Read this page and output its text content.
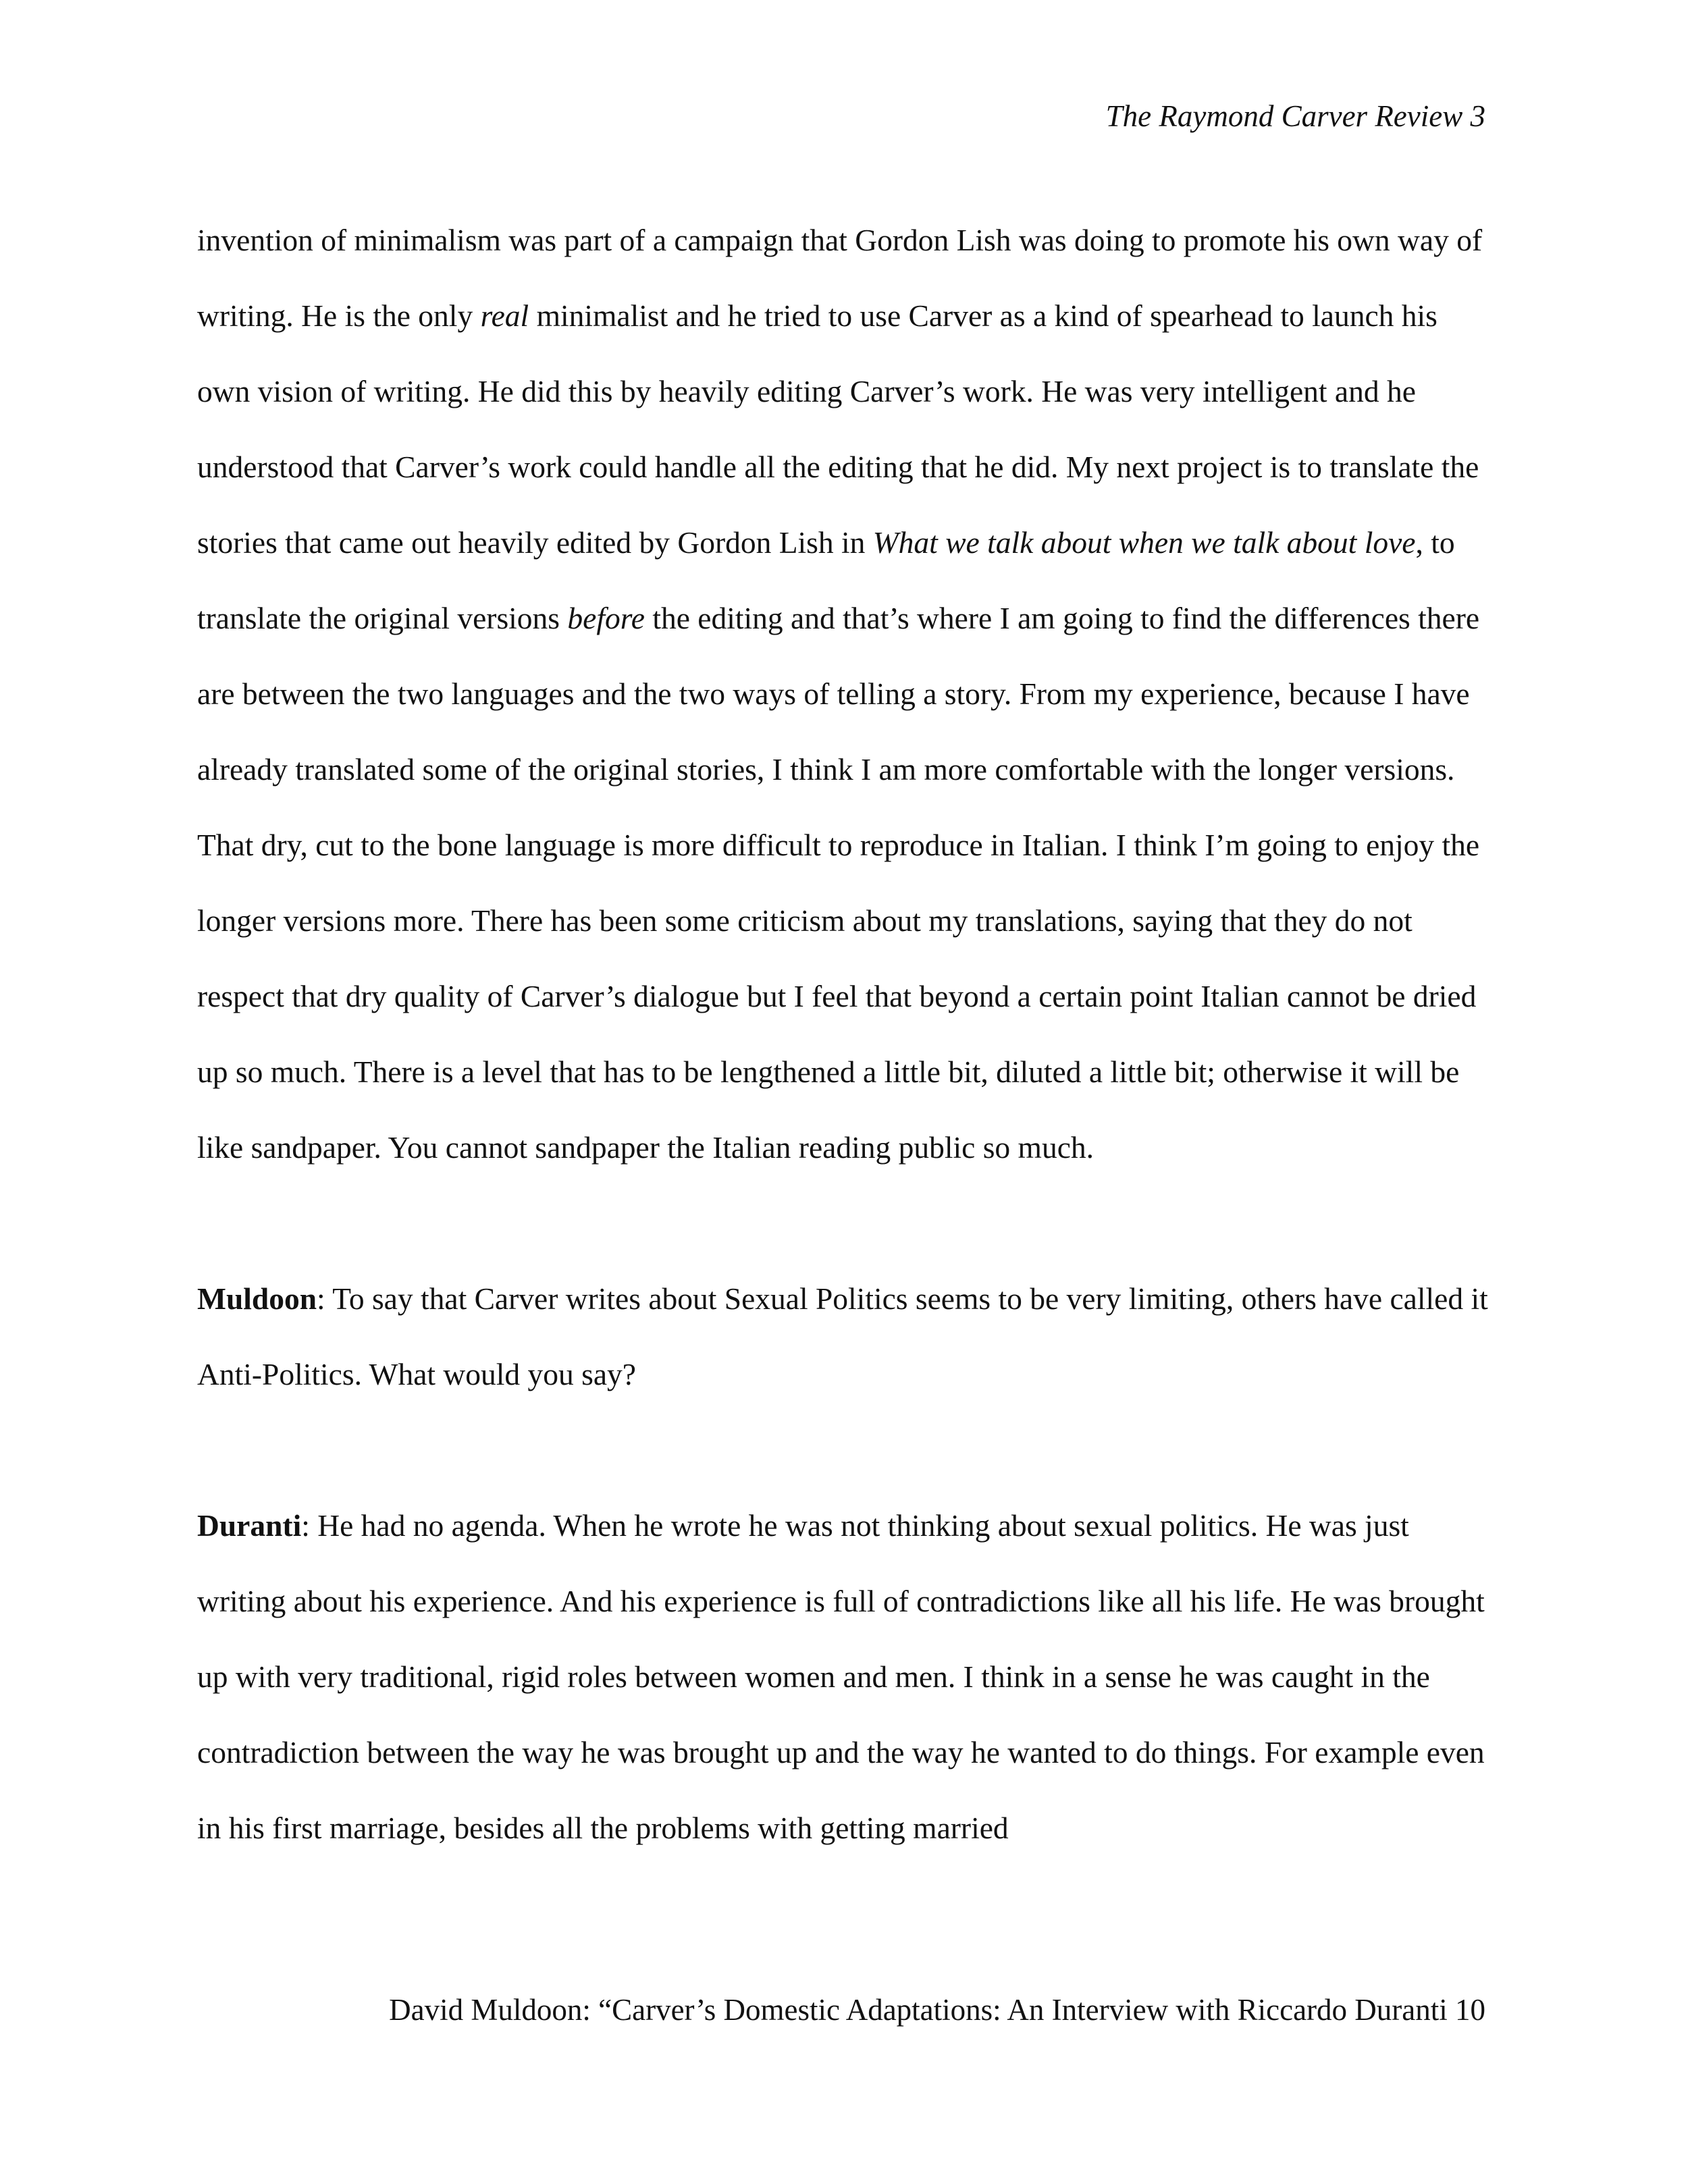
The Raymond Carver Review 3

invention of minimalism was part of a campaign that Gordon Lish was doing to promote his own way of writing. He is the only real minimalist and he tried to use Carver as a kind of spearhead to launch his own vision of writing. He did this by heavily editing Carver’s work. He was very intelligent and he understood that Carver’s work could handle all the editing that he did. My next project is to translate the stories that came out heavily edited by Gordon Lish in What we talk about when we talk about love, to translate the original versions before the editing and that’s where I am going to find the differences there are between the two languages and the two ways of telling a story. From my experience, because I have already translated some of the original stories, I think I am more comfortable with the longer versions. That dry, cut to the bone language is more difficult to reproduce in Italian. I think I’m going to enjoy the longer versions more. There has been some criticism about my translations, saying that they do not respect that dry quality of Carver’s dialogue but I feel that beyond a certain point Italian cannot be dried up so much. There is a level that has to be lengthened a little bit, diluted a little bit; otherwise it will be like sandpaper. You cannot sandpaper the Italian reading public so much.

Muldoon: To say that Carver writes about Sexual Politics seems to be very limiting, others have called it Anti-Politics. What would you say?

Duranti: He had no agenda. When he wrote he was not thinking about sexual politics. He was just writing about his experience. And his experience is full of contradictions like all his life. He was brought up with very traditional, rigid roles between women and men. I think in a sense he was caught in the contradiction between the way he was brought up and the way he wanted to do things. For example even in his first marriage, besides all the problems with getting married

David Muldoon: “Carver’s Domestic Adaptations: An Interview with Riccardo Duranti 10
